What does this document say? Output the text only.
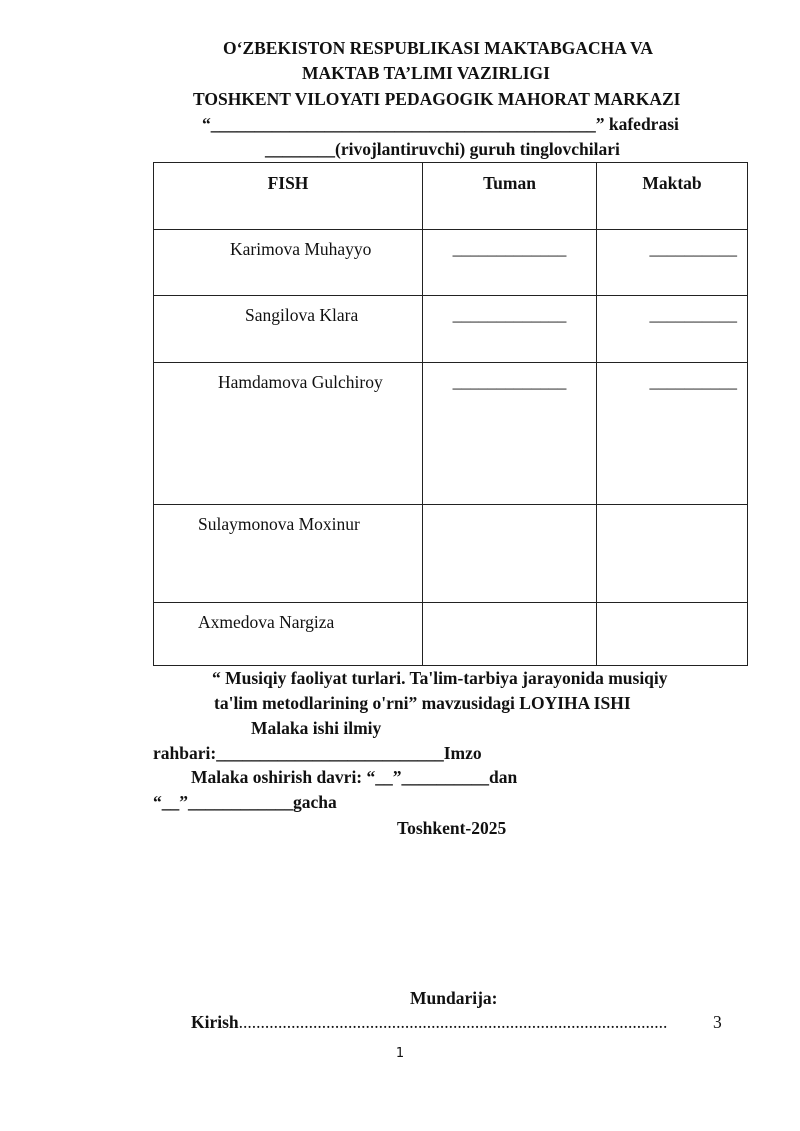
O‘ZBEKISTON RESPUBLIKASI MAKTABGACHA VA
MAKTAB TA’LIMI VAZIRLIGI
TOSHKENT VILOYATI PEDAGOGIK MAHORAT MARKAZI
“____________________________________________” kafedrasi
________(rivojlantiruvchi) guruh tinglovchilari
FISH	Tuman	Maktab

Karimova Muhayyo	_____________	__________

Sangilova Klara	_____________	__________

Hamdamova Gulchiroy	_____________	__________

Sulaymonova Moxinur		

Axmedova Nargiza		

“ Musiqiy faoliyat turlari. Ta'lim-tarbiya jarayonida musiqiy
ta'lim metodlarining o'rni” mavzusidagi LOYIHA ISHI
Malaka ishi ilmiy
rahbari:__________________________Imzo
Malaka oshirish davri: “__”__________dan
“__”____________gacha
Toshkent-2025
Mundarija:
Kirish..................................................................................................	3
1
